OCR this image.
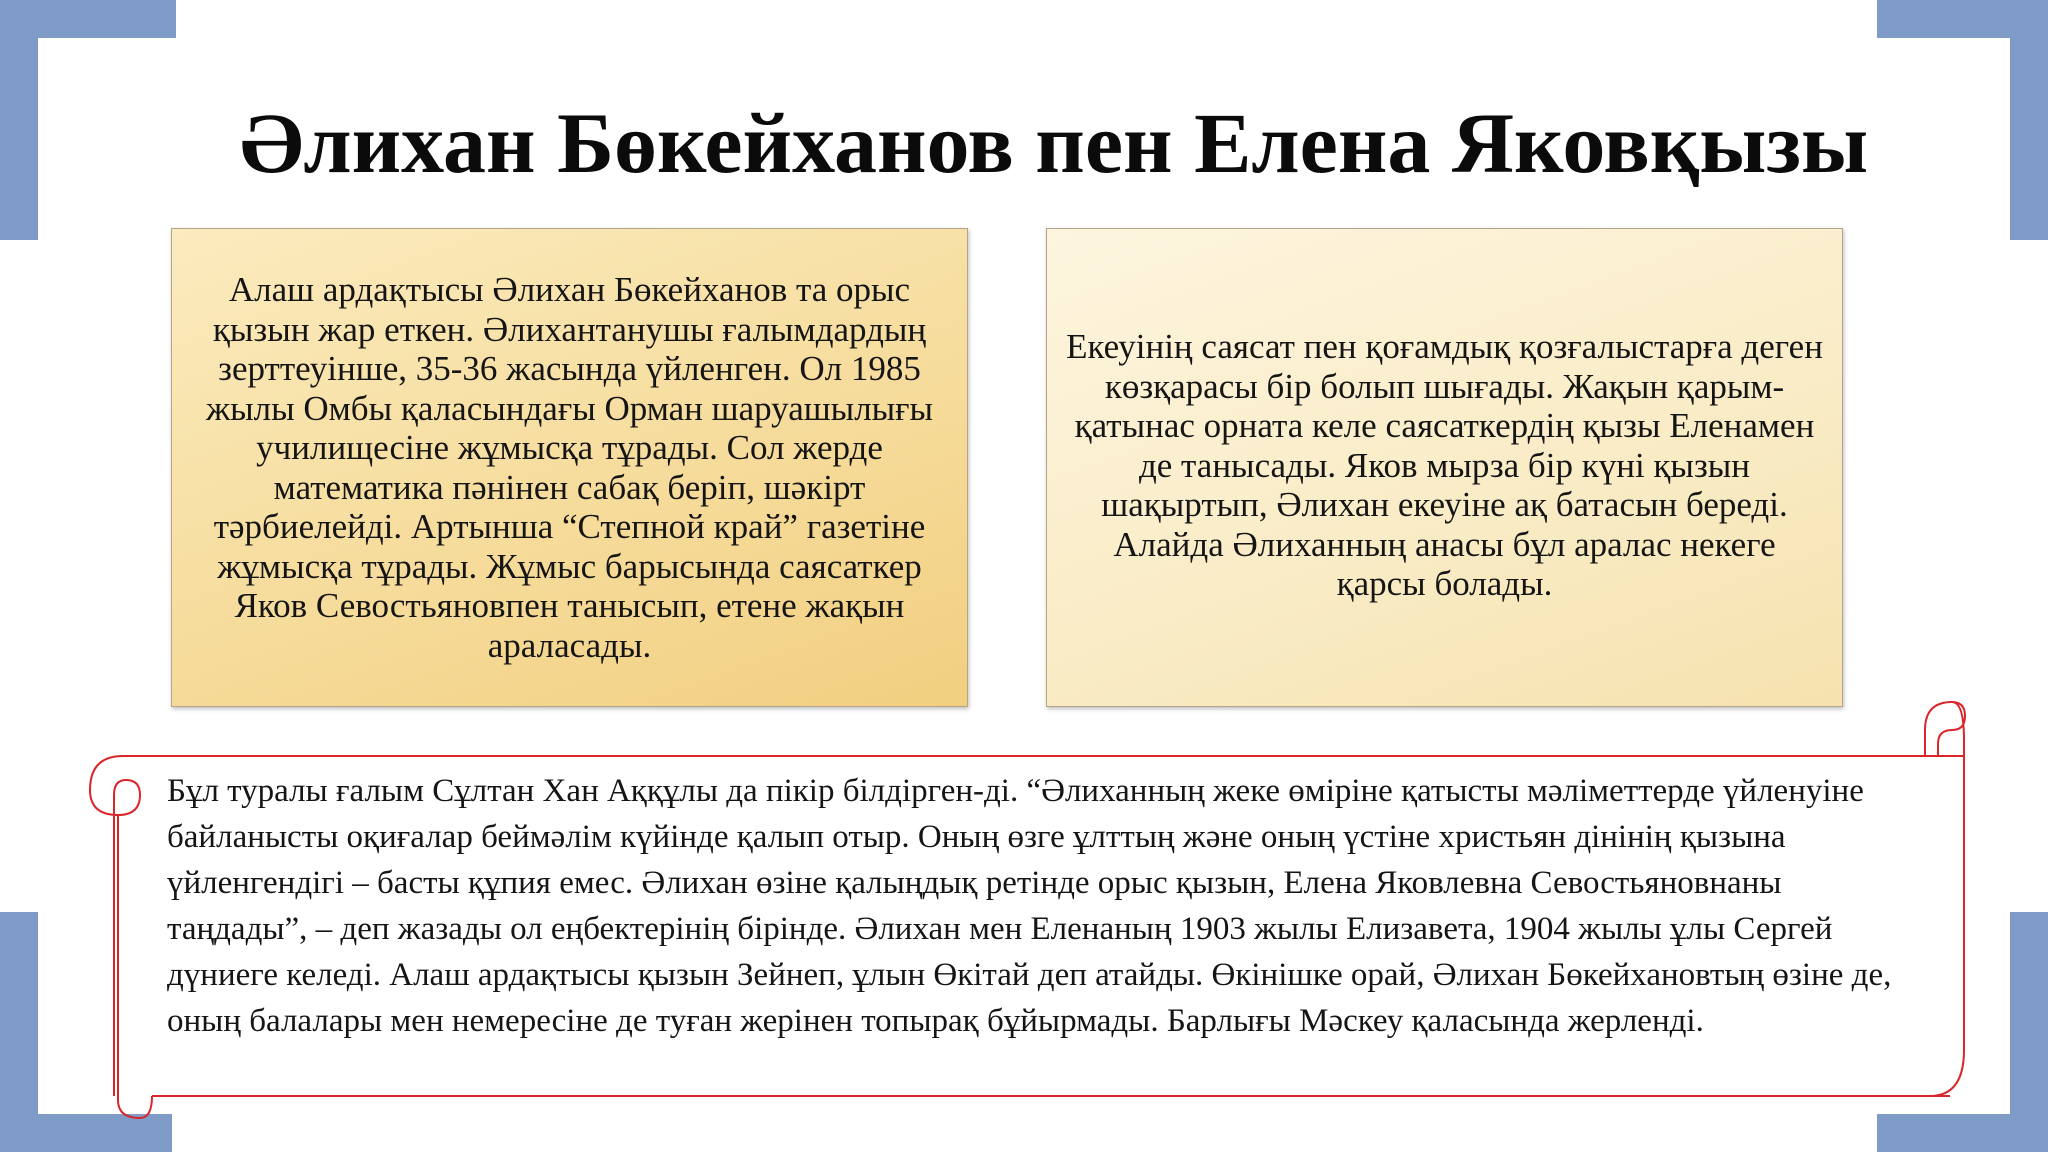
Әлихан Бөкейханов пен Елена Яковқызы

Алаш ардақтысы Әлихан Бөкейханов та орыс қызын жар еткен. Әлихантанушы ғалымдардың зерттеуінше, 35-36 жасында үйленген. Ол 1985 жылы Омбы қаласындағы Орман шаруашылығы училищесіне жұмысқа тұрады. Сол жерде математика пәнінен сабақ беріп, шәкірт тәрбиелейді. Артынша “Степной край” газетіне жұмысқа тұрады. Жұмыс барысында саясаткер Яков Севостьяновпен танысып, етене жақын араласады.

Екеуінің саясат пен қоғамдық қозғалыстарға деген көзқарасы бір болып шығады. Жақын қарым-қатынас орната келе саясаткердің қызы Еленамен де танысады. Яков мырза бір күні қызын шақыртып, Әлихан екеуіне ақ батасын береді. Алайда Әлиханның анасы бұл аралас некеге қарсы болады.

Бұл туралы ғалым Сұлтан Хан Аққұлы да пікір білдірген-ді. “Әлиханның жеке өміріне қатысты мәліметтерде үйленуіне байланысты оқиғалар беймәлім күйінде қалып отыр. Оның өзге ұлттың және оның үстіне христьян дінінің қызына үйленгендігі – басты құпия емес. Әлихан өзіне қалыңдық ретінде орыс қызын, Елена Яковлевна Севостьяновнаны таңдады”, – деп жазады ол еңбектерінің бірінде. Әлихан мен Еленаның 1903 жылы Елизавета, 1904 жылы ұлы Сергей дүниеге келеді. Алаш ардақтысы қызын Зейнеп, ұлын Өкітай деп атайды. Өкінішке орай, Әлихан Бөкейхановтың өзіне де, оның балалары мен немересіне де туған жерінен топырақ бұйырмады. Барлығы Мәскеу қаласында жерленді.
